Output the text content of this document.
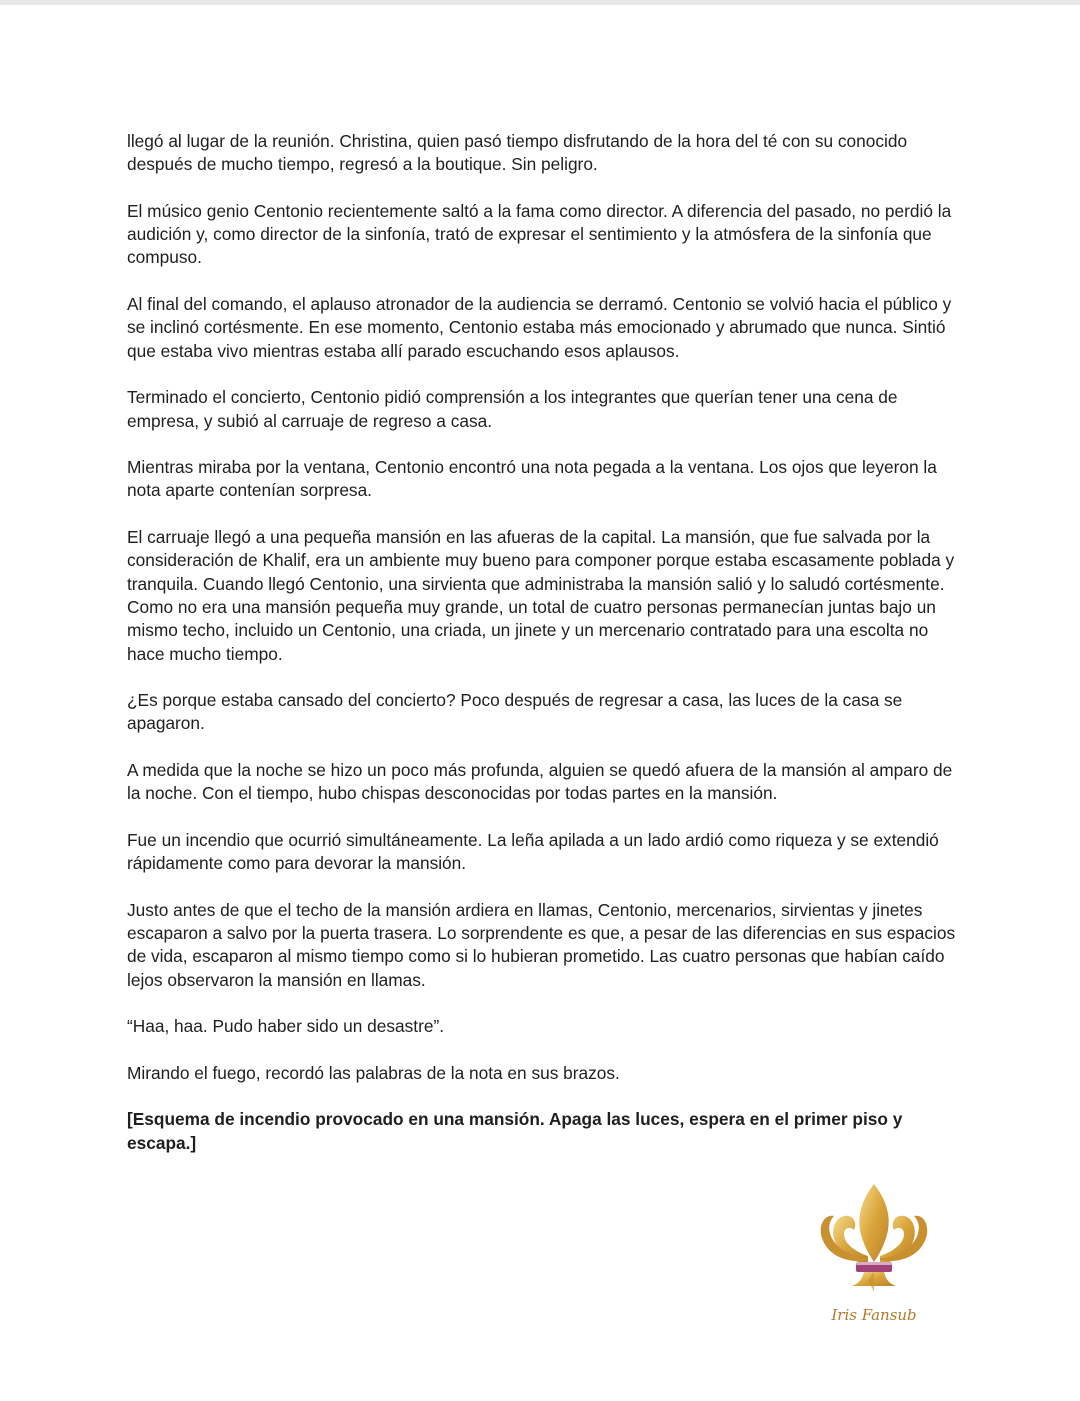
llegó al lugar de la reunión. Christina, quien pasó tiempo disfrutando de la hora del té con su conocido después de mucho tiempo, regresó a la boutique. Sin peligro.

El músico genio Centonio recientemente saltó a la fama como director. A diferencia del pasado, no perdió la audición y, como director de la sinfonía, trató de expresar el sentimiento y la atmósfera de la sinfonía que compuso.

Al final del comando, el aplauso atronador de la audiencia se derramó. Centonio se volvió hacia el público y se inclinó cortésmente. En ese momento, Centonio estaba más emocionado y abrumado que nunca. Sintió que estaba vivo mientras estaba allí parado escuchando esos aplausos.

Terminado el concierto, Centonio pidió comprensión a los integrantes que querían tener una cena de empresa, y subió al carruaje de regreso a casa.

Mientras miraba por la ventana, Centonio encontró una nota pegada a la ventana. Los ojos que leyeron la nota aparte contenían sorpresa.

El carruaje llegó a una pequeña mansión en las afueras de la capital. La mansión, que fue salvada por la consideración de Khalif, era un ambiente muy bueno para componer porque estaba escasamente poblada y tranquila. Cuando llegó Centonio, una sirvienta que administraba la mansión salió y lo saludó cortésmente. Como no era una mansión pequeña muy grande, un total de cuatro personas permanecían juntas bajo un mismo techo, incluido un Centonio, una criada, un jinete y un mercenario contratado para una escolta no hace mucho tiempo.

¿Es porque estaba cansado del concierto? Poco después de regresar a casa, las luces de la casa se apagaron.

A medida que la noche se hizo un poco más profunda, alguien se quedó afuera de la mansión al amparo de la noche. Con el tiempo, hubo chispas desconocidas por todas partes en la mansión.

Fue un incendio que ocurrió simultáneamente. La leña apilada a un lado ardió como riqueza y se extendió rápidamente como para devorar la mansión.

Justo antes de que el techo de la mansión ardiera en llamas, Centonio, mercenarios, sirvientas y jinetes escaparon a salvo por la puerta trasera. Lo sorprendente es que, a pesar de las diferencias en sus espacios de vida, escaparon al mismo tiempo como si lo hubieran prometido. Las cuatro personas que habían caído lejos observaron la mansión en llamas.

“Haa, haa. Pudo haber sido un desastre”.

Mirando el fuego, recordó las palabras de la nota en sus brazos.

[Esquema de incendio provocado en una mansión. Apaga las luces, espera en el primer piso y escapa.]

Iris Fansub
